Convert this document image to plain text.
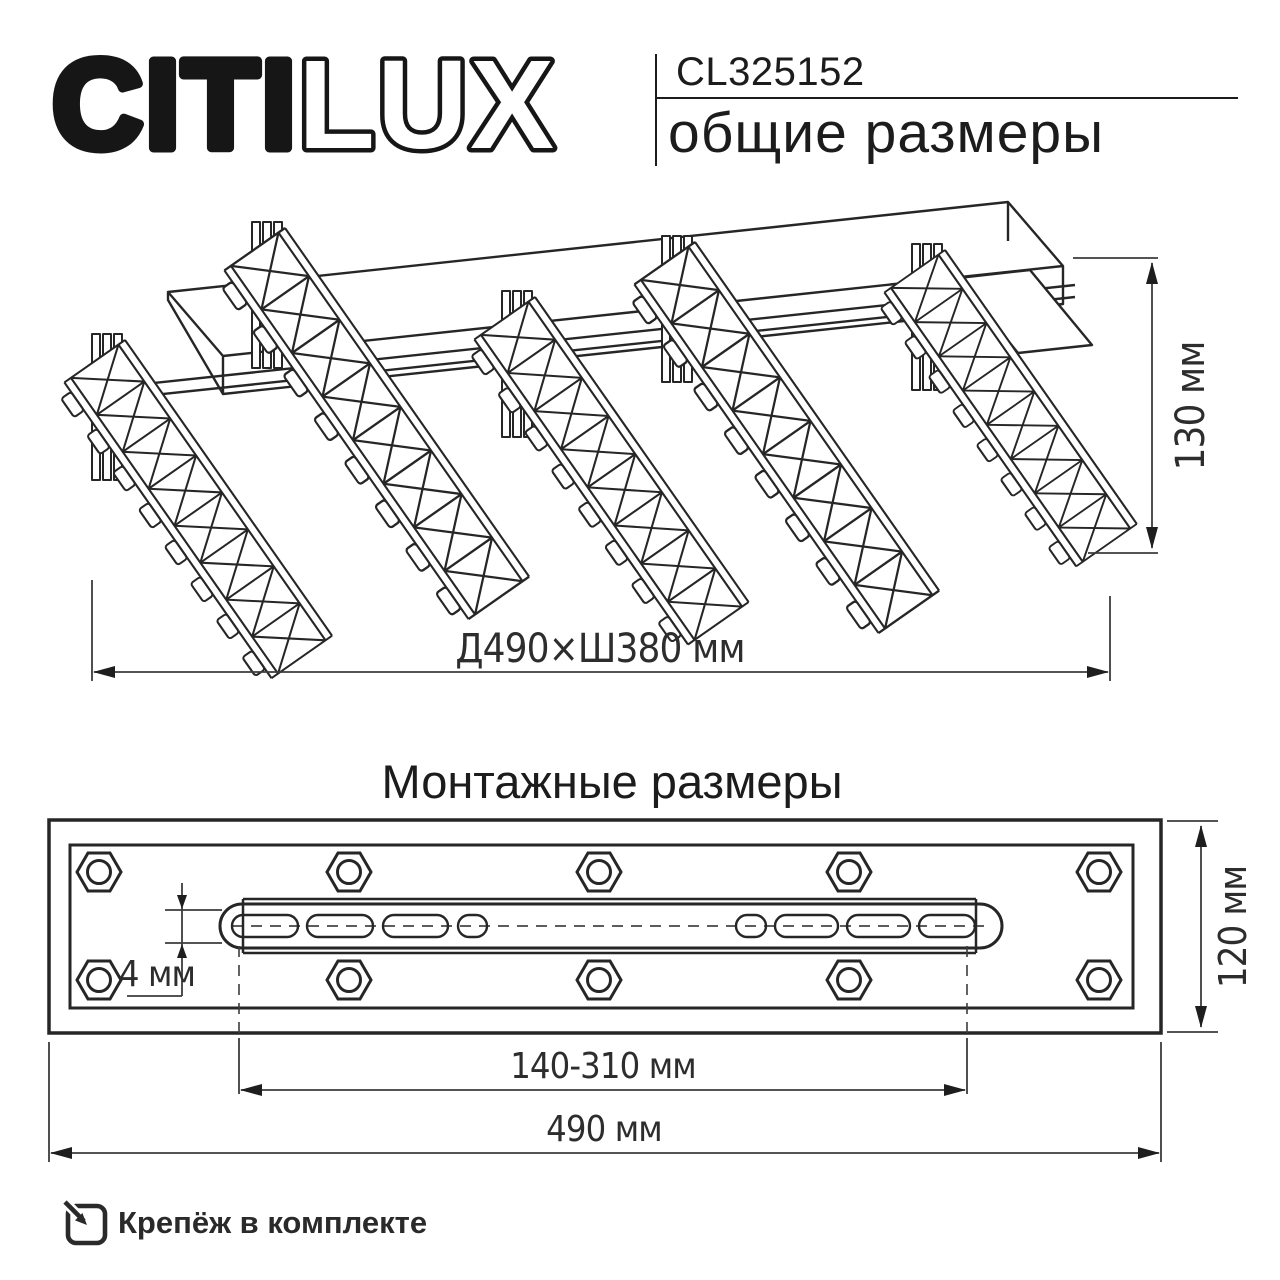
CITILUX	CL325152
общие размеры
130 мм
Д490×Ш380 мм
Монтажные размеры
4 мм	120 мм
140-310 мм
490 мм
Крепёж в комплекте
